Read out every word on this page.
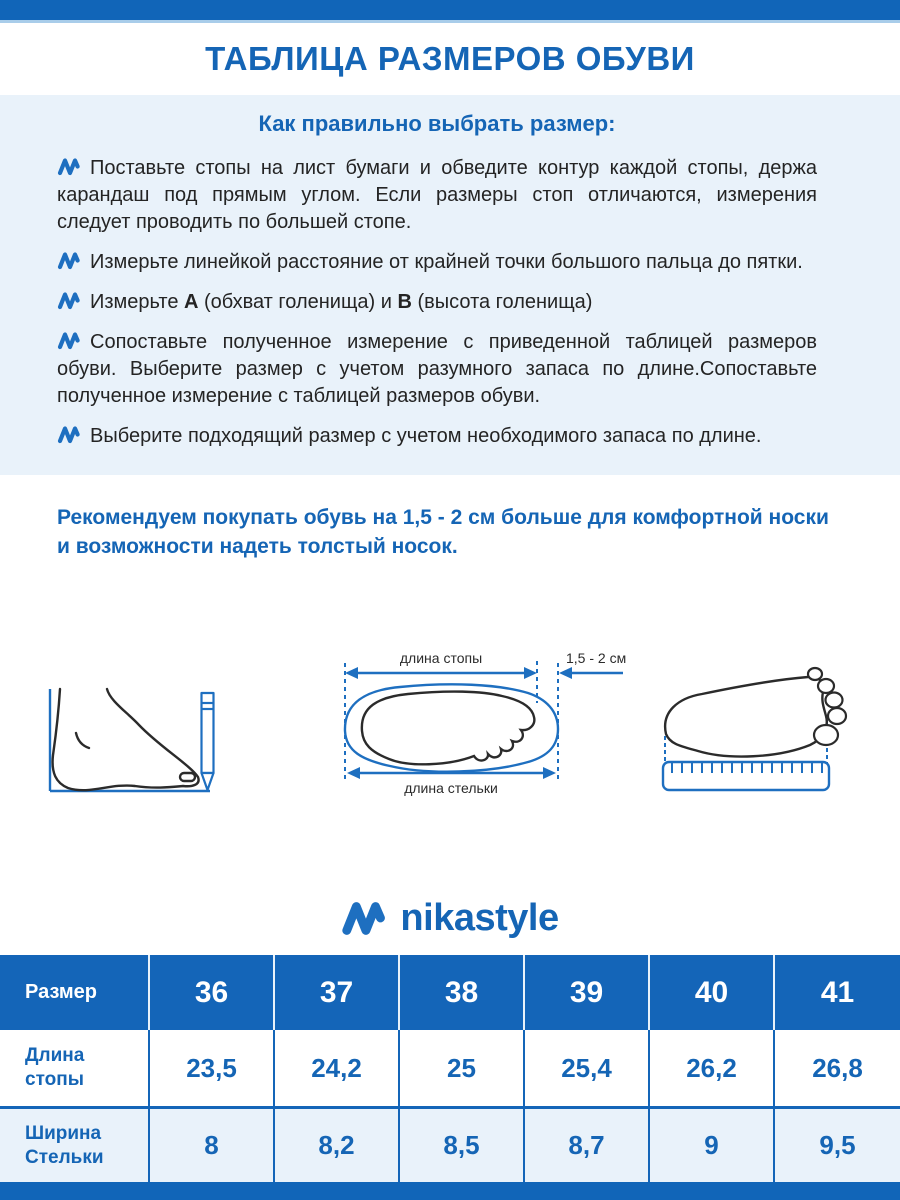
ТАБЛИЦА РАЗМЕРОВ ОБУВИ
Как правильно выбрать размер:

Поставьте стопы на лист бумаги и обведите контур каждой стопы, держа карандаш под прямым углом. Если размеры стоп отличаются, измерения следует проводить по большей стопе.

Измерьте линейкой расстояние от крайней точки большого пальца до пятки.

Измерьте А (обхват голенища) и В (высота голенища)

Сопоставьте полученное измерение с приведенной таблицей размеров обуви. Выберите размер с учетом разумного запаса по длине.Сопоставьте полученное измерение с таблицей размеров обуви.

Выберите подходящий размер с учетом необходимого запаса по длине.

Рекомендуем покупать обувь на 1,5 - 2 см больше для комфортной носки
и возможности надеть толстый носок.
длина стопы	1,5 - 2 см
длина стельки
nikastyle
Размер	36	37	38	39	40	41
Длина стопы	23,5	24,2	25	25,4	26,2	26,8
Ширина Стельки	8	8,2	8,5	8,7	9	9,5
